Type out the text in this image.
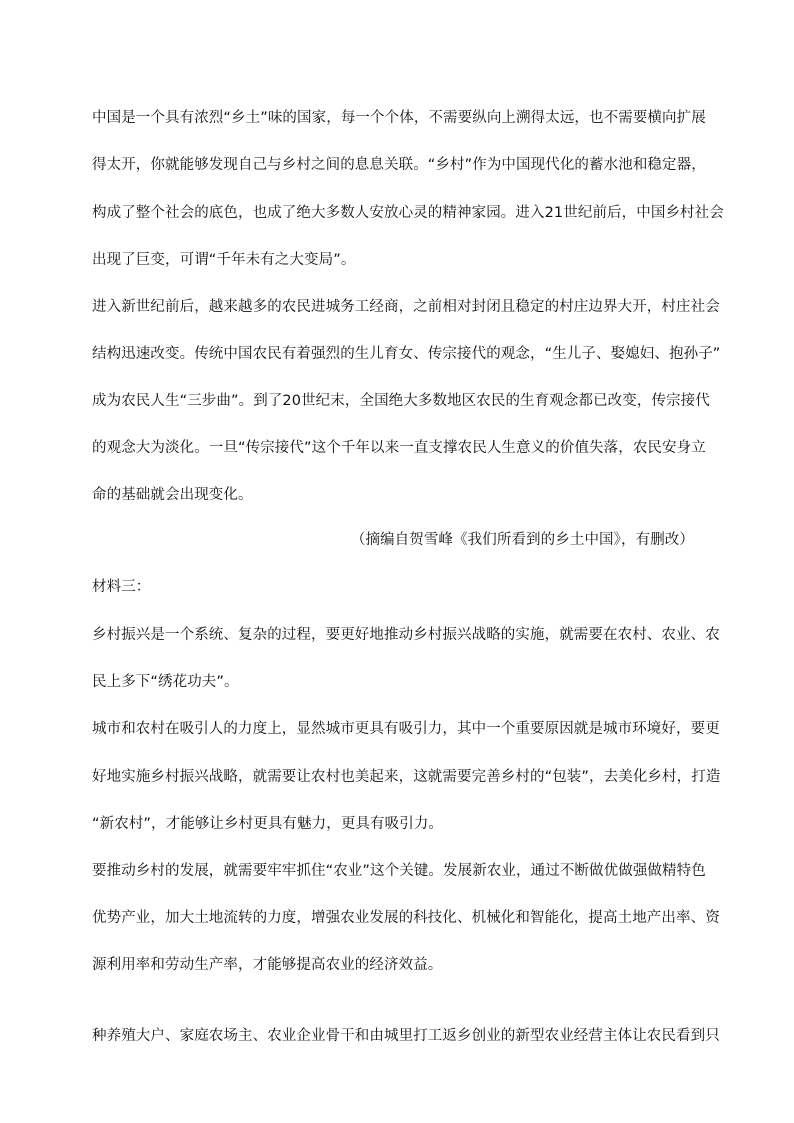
中国是一个具有浓烈“乡土”味的国家，每一个个体，不需要纵向上溯得太远，也不需要横向扩展
得太开，你就能够发现自己与乡村之间的息息关联。“乡村”作为中国现代化的蓄水池和稳定器，
构成了整个社会的底色，也成了绝大多数人安放心灵的精神家园。进入21世纪前后，中国乡村社会
出现了巨变，可谓“千年未有之大变局”。
进入新世纪前后，越来越多的农民进城务工经商，之前相对封闭且稳定的村庄边界大开，村庄社会
结构迅速改变。传统中国农民有着强烈的生儿育女、传宗接代的观念，“生儿子、娶媳妇、抱孙子”
成为农民人生“三步曲”。到了20世纪末，全国绝大多数地区农民的生育观念都已改变，传宗接代
的观念大为淡化。一旦“传宗接代”这个千年以来一直支撑农民人生意义的价值失落，农民安身立
命的基础就会出现变化。
（摘编自贺雪峰《我们所看到的乡土中国》，有删改）
材料三：
乡村振兴是一个系统、复杂的过程，要更好地推动乡村振兴战略的实施，就需要在农村、农业、农
民上多下“绣花功夫”。
城市和农村在吸引人的力度上，显然城市更具有吸引力，其中一个重要原因就是城市环境好，要更
好地实施乡村振兴战略，就需要让农村也美起来，这就需要完善乡村的“包装”，去美化乡村，打造
“新农村”，才能够让乡村更具有魅力，更具有吸引力。
要推动乡村的发展，就需要牢牢抓住“农业”这个关键。发展新农业，通过不断做优做强做精特色
优势产业，加大土地流转的力度，增强农业发展的科技化、机械化和智能化，提高土地产出率、资
源利用率和劳动生产率，才能够提高农业的经济效益。
种养殖大户、家庭农场主、农业企业骨干和由城里打工返乡创业的新型农业经营主体让农民看到只
